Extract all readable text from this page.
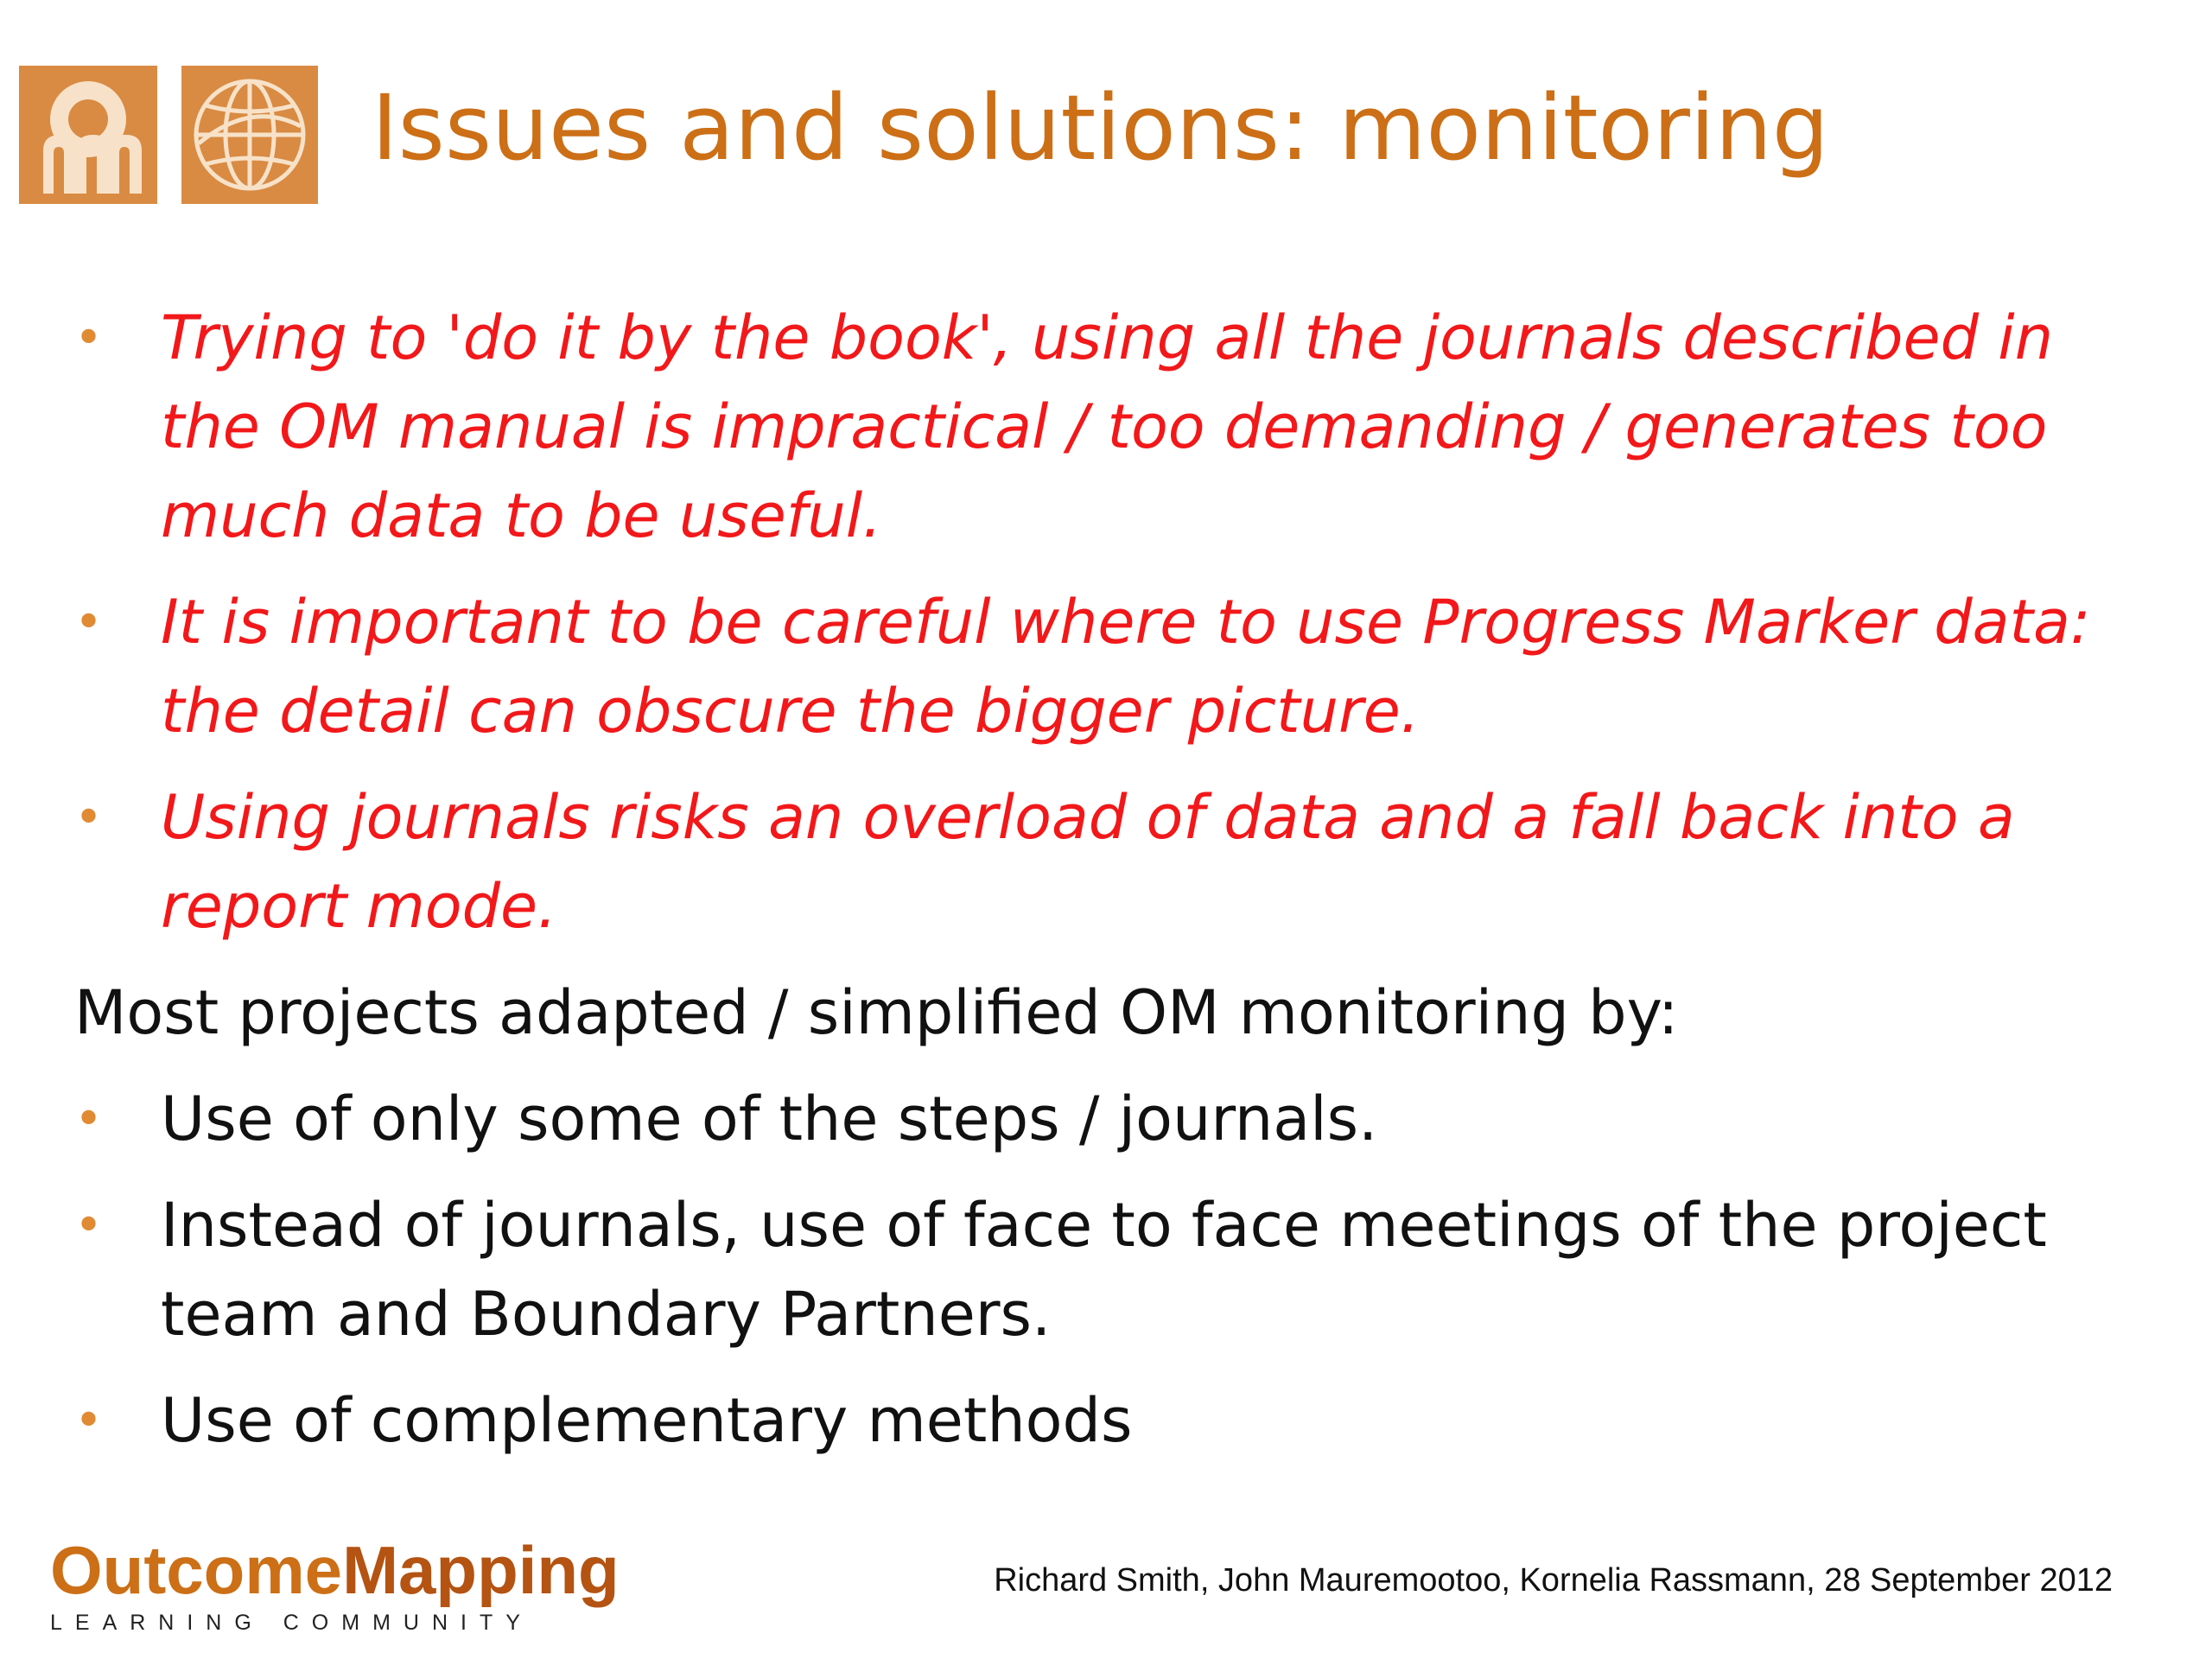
Issues and solutions: monitoring
• Trying to 'do it by the book', using all the journals described in the OM manual is impractical / too demanding / generates too much data to be useful.
• It is important to be careful where to use Progress Marker data: the detail can obscure the bigger picture.
• Using journals risks an overload of data and a fall back into a report mode.
Most projects adapted / simplified OM monitoring by:
• Use of only some of the steps / journals.
• Instead of journals, use of face to face meetings of the project team and Boundary Partners.
• Use of complementary methods
OutcomeMapping
LEARNING COMMUNITY
Richard Smith, John Mauremootoo, Kornelia Rassmann, 28 September 2012
